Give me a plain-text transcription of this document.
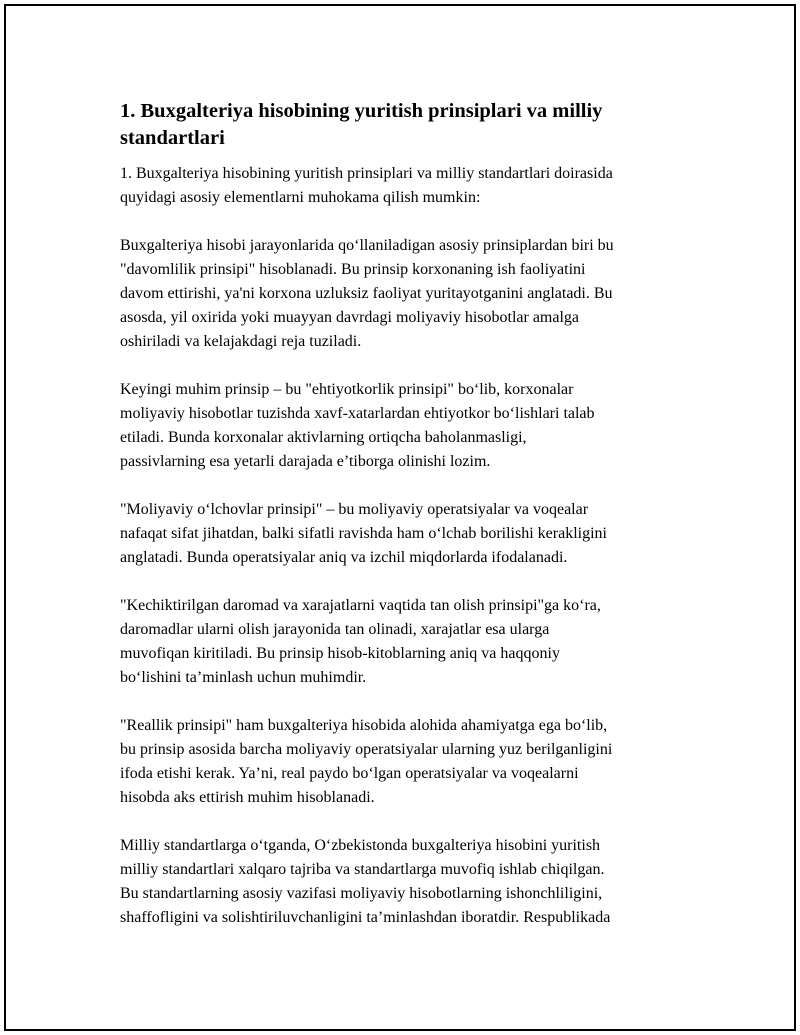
1. Buxgalteriya hisobining yuritish prinsiplari va milliy
standartlari

1. Buxgalteriya hisobining yuritish prinsiplari va milliy standartlari doirasida
quyidagi asosiy elementlarni muhokama qilish mumkin:

Buxgalteriya hisobi jarayonlarida qo‘llaniladigan asosiy prinsiplardan biri bu
"davomlilik prinsipi" hisoblanadi. Bu prinsip korxonaning ish faoliyatini
davom ettirishi, ya'ni korxona uzluksiz faoliyat yuritayotganini anglatadi. Bu
asosda, yil oxirida yoki muayyan davrdagi moliyaviy hisobotlar amalga
oshiriladi va kelajakdagi reja tuziladi.

Keyingi muhim prinsip – bu "ehtiyotkorlik prinsipi" bo‘lib, korxonalar
moliyaviy hisobotlar tuzishda xavf-xatarlardan ehtiyotkor bo‘lishlari talab
etiladi. Bunda korxonalar aktivlarning ortiqcha baholanmasligi,
passivlarning esa yetarli darajada e’tiborga olinishi lozim.

"Moliyaviy o‘lchovlar prinsipi" – bu moliyaviy operatsiyalar va voqealar
nafaqat sifat jihatdan, balki sifatli ravishda ham o‘lchab borilishi kerakligini
anglatadi. Bunda operatsiyalar aniq va izchil miqdorlarda ifodalanadi.

"Kechiktirilgan daromad va xarajatlarni vaqtida tan olish prinsipi"ga ko‘ra,
daromadlar ularni olish jarayonida tan olinadi, xarajatlar esa ularga
muvofiqan kiritiladi. Bu prinsip hisob-kitoblarning aniq va haqqoniy
bo‘lishini ta’minlash uchun muhimdir.

"Reallik prinsipi" ham buxgalteriya hisobida alohida ahamiyatga ega bo‘lib,
bu prinsip asosida barcha moliyaviy operatsiyalar ularning yuz berilganligini
ifoda etishi kerak. Ya’ni, real paydo bo‘lgan operatsiyalar va voqealarni
hisobda aks ettirish muhim hisoblanadi.

Milliy standartlarga o‘tganda, O‘zbekistonda buxgalteriya hisobini yuritish
milliy standartlari xalqaro tajriba va standartlarga muvofiq ishlab chiqilgan.
Bu standartlarning asosiy vazifasi moliyaviy hisobotlarning ishonchliligini,
shaffofligini va solishtiriluvchanligini ta’minlashdan iboratdir. Respublikada
